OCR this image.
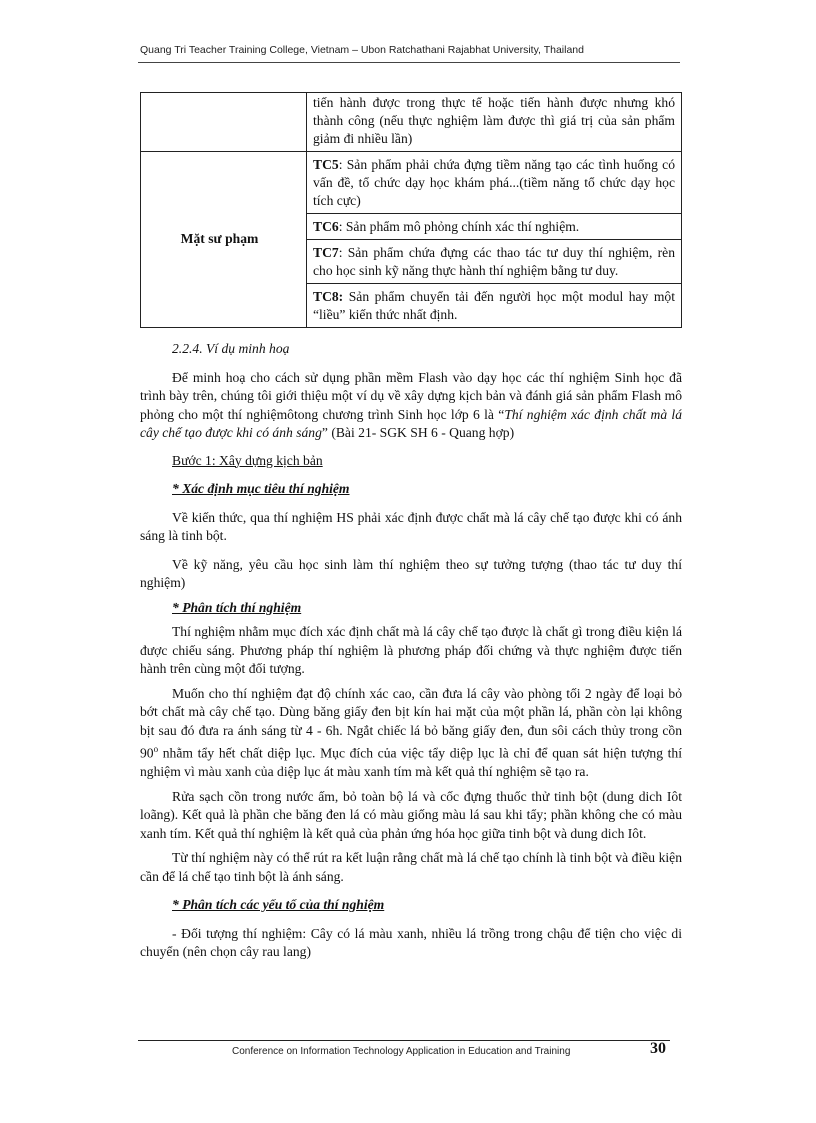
Quang Tri Teacher Training College, Vietnam – Ubon Ratchathani Rajabhat University, Thailand
	tiến hành được trong thực tế hoặc tiến hành được nhưng khó thành công (nếu thực nghiệm làm được thì giá trị của sản phẩm giảm đi nhiều lần)
Mặt sư phạm	TC5: Sản phẩm phải chứa đựng tiềm năng tạo các tình huống có vấn đề, tổ chức dạy học khám phá...(tiềm năng tổ chức dạy học tích cực)
	TC6: Sản phẩm mô phỏng chính xác thí nghiệm.
	TC7: Sản phẩm chứa đựng các thao tác tư duy thí nghiệm, rèn cho học sinh kỹ năng thực hành thí nghiệm bằng tư duy.
	TC8: Sản phẩm chuyển tải đến người học một modul hay một “liều” kiến thức nhất định.

2.2.4. Ví dụ minh hoạ

Để minh hoạ cho cách sử dụng phần mềm Flash vào dạy học các thí nghiệm Sinh học đã trình bày trên, chúng tôi giới thiệu một ví dụ về xây dựng kịch bản và đánh giá sản phẩm Flash mô phỏng cho một thí nghiệmôtong chương trình Sinh học lớp 6 là “Thí nghiệm xác định chất mà lá cây chế tạo được khi có ánh sáng” (Bài 21- SGK SH 6 - Quang hợp)

Bước 1: Xây dựng kịch bản

* Xác định mục tiêu thí nghiệm

Về kiến thức, qua thí nghiệm HS phải xác định được chất mà lá cây chế tạo được khi có ánh sáng là tinh bột.

Về kỹ năng, yêu cầu học sinh làm thí nghiệm theo sự tưởng tượng (thao tác tư duy thí nghiệm)

* Phân tích thí nghiệm

Thí nghiệm nhằm mục đích xác định chất mà lá cây chế tạo được là chất gì trong điều kiện lá được chiếu sáng. Phương pháp thí nghiệm là phương pháp đối chứng và thực nghiệm được tiến hành trên cùng một đối tượng.

Muốn cho thí nghiệm đạt độ chính xác cao, cần đưa lá cây vào phòng tối 2 ngày để loại bỏ bớt chất mà cây chế tạo. Dùng băng giấy đen bịt kín hai mặt của một phần lá, phần còn lại không bịt sau đó đưa ra ánh sáng từ 4 - 6h. Ngắt chiếc lá bỏ băng giấy đen, đun sôi cách thủy trong cồn 90$^o$ nhằm tẩy hết chất diệp lục. Mục đích của việc tẩy diệp lục là chỉ để quan sát hiện tượng thí nghiệm vì màu xanh của diệp lục át màu xanh tím mà kết quả thí nghiệm sẽ tạo ra.

Rửa sạch cồn trong nước ấm, bỏ toàn bộ lá và cốc đựng thuốc thử tinh bột (dung dich Iôt loãng). Kết quả là phần che băng đen lá có màu giống màu lá sau khi tẩy; phần không che có màu xanh tím. Kết quả thí nghiệm là kết quả của phản ứng hóa học giữa tinh bột và dung dich Iôt.

Từ thí nghiệm này có thể rút ra kết luận rằng chất mà lá chế tạo chính là tinh bột và điều kiện cần để lá chế tạo tinh bột là ánh sáng.

* Phân tích các yếu tố của thí nghiệm

- Đối tượng thí nghiệm: Cây có lá màu xanh, nhiều lá trồng trong chậu để tiện cho việc di chuyển (nên chọn cây rau lang)

Conference on Information Technology Application in Education and Training	30
